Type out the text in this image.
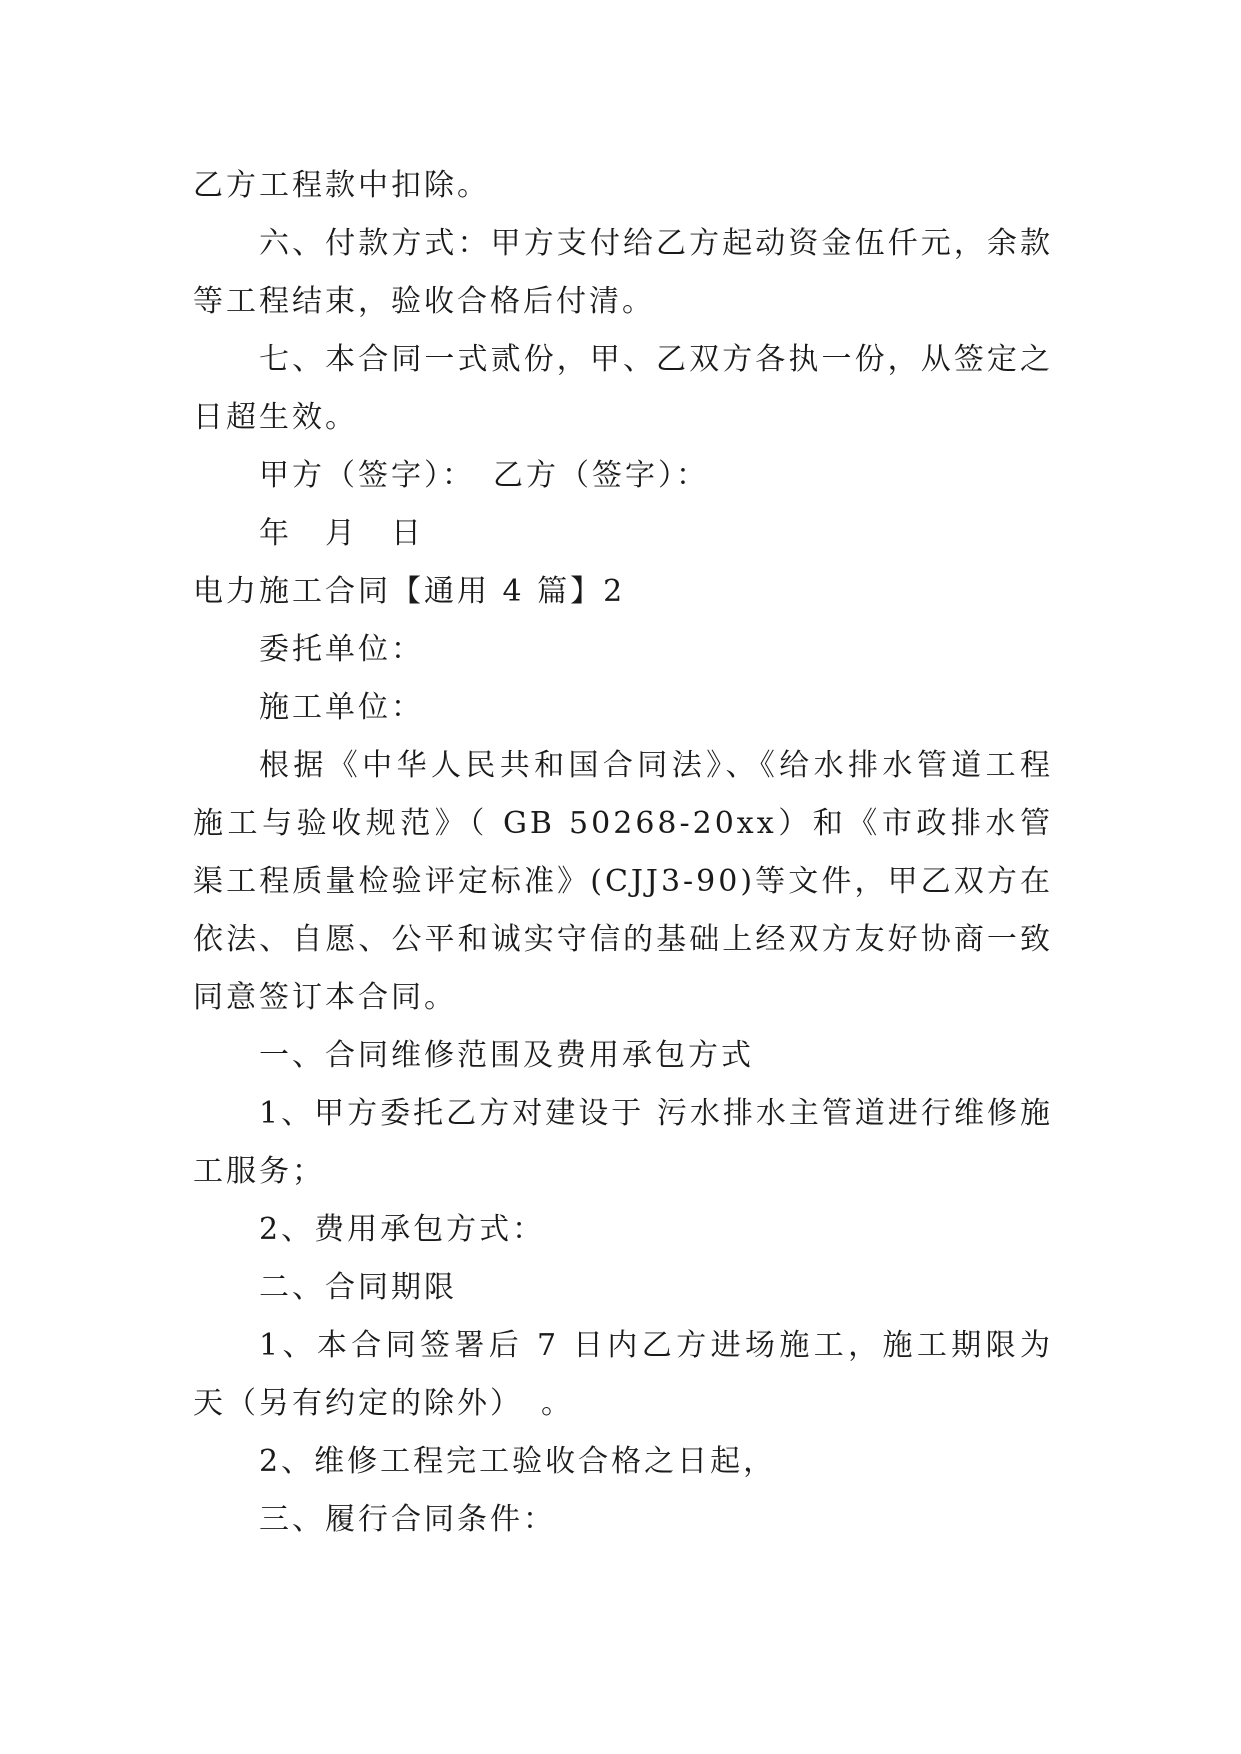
乙方工程款中扣除。

六、付款方式：甲方支付给乙方起动资金伍仟元，余款等工程结束，验收合格后付清。

七、本合同一式贰份，甲、乙双方各执一份，从签定之日超生效。

甲方（签字）：　乙方（签字）：

年　月　日

电力施工合同【通用 4 篇】2

委托单位：

施工单位：

根据《中华人民共和国合同法》、《给水排水管道工程施工与验收规范》（ GB 50268-20xx）和《市政排水管渠工程质量检验评定标准》(CJJ3-90)等文件，甲乙双方在依法、自愿、公平和诚实守信的基础上经双方友好协商一致同意签订本合同。

一、合同维修范围及费用承包方式

1、甲方委托乙方对建设于 污水排水主管道进行维修施工服务；

2、费用承包方式：

二、合同期限

1、本合同签署后 7 日内乙方进场施工，施工期限为天（另有约定的除外）　。

2、维修工程完工验收合格之日起，

三、履行合同条件：
